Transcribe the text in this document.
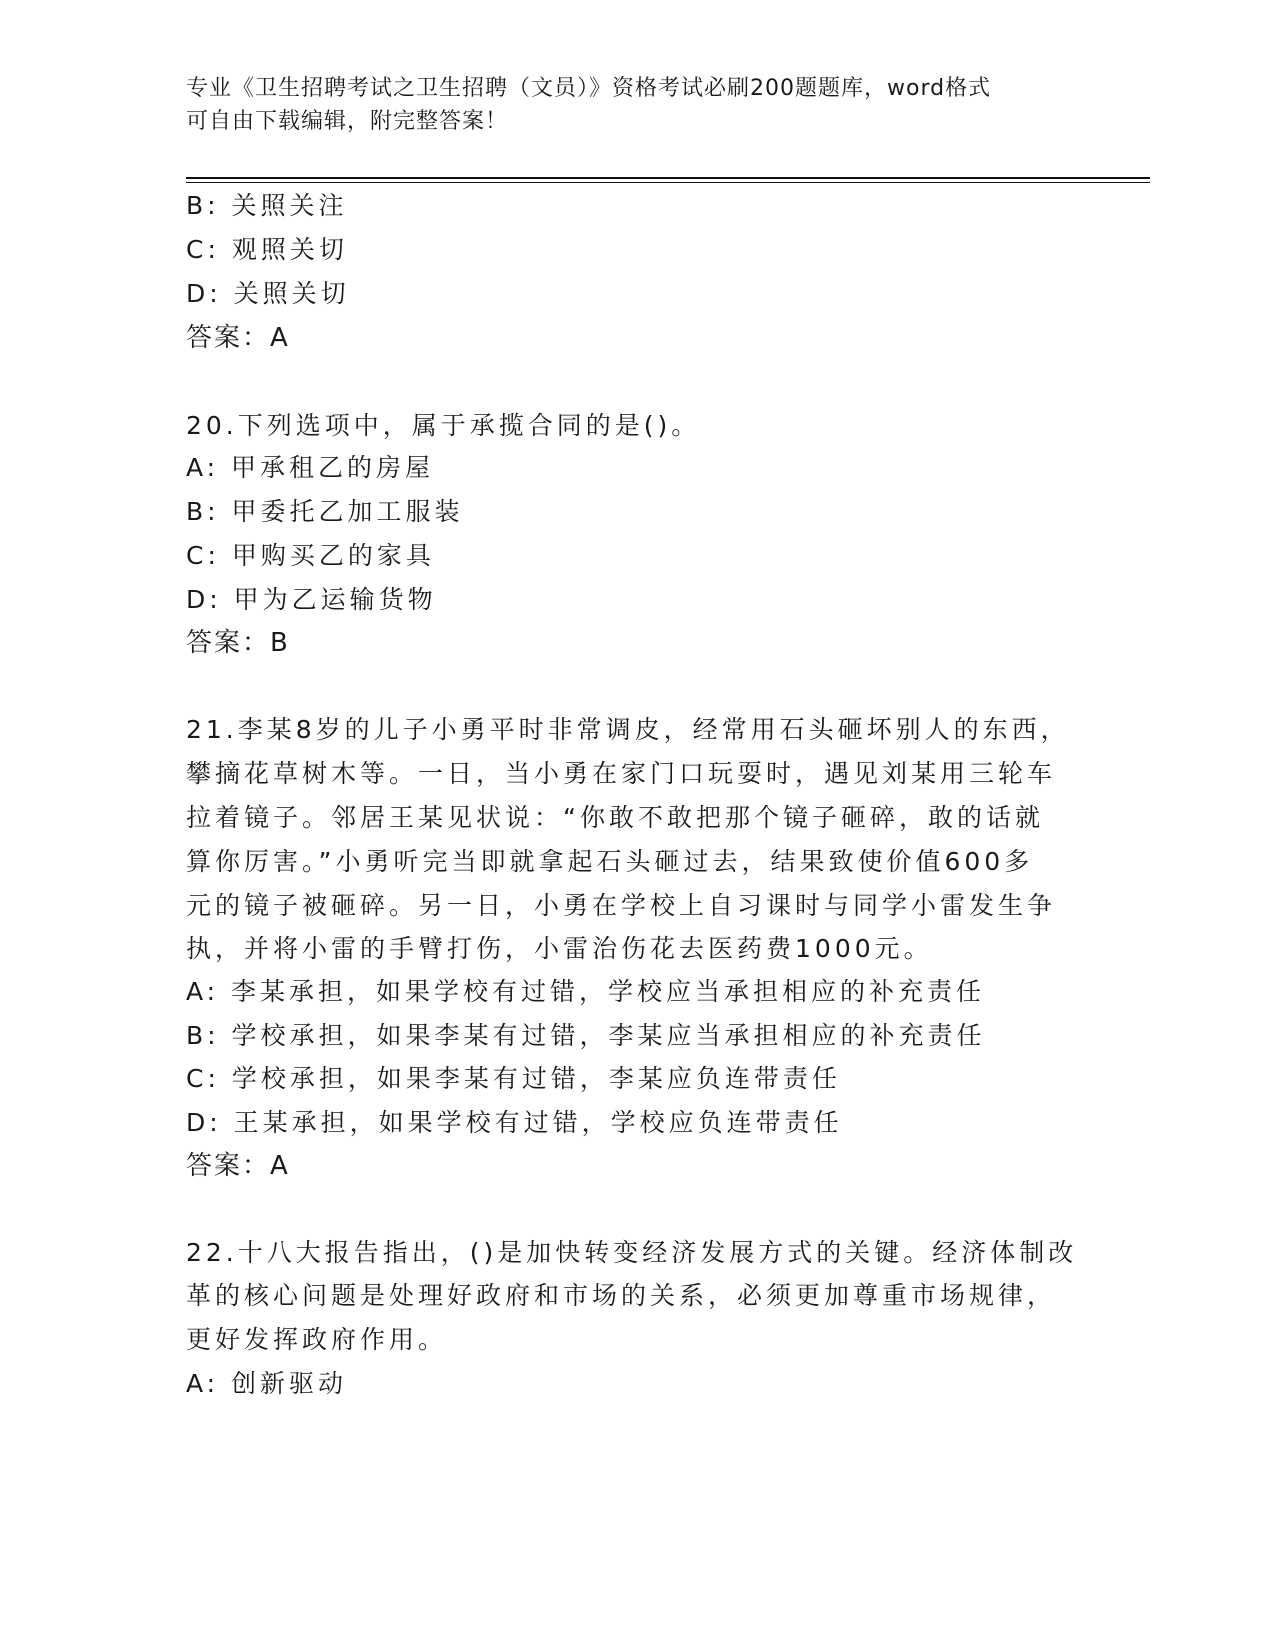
专业《卫生招聘考试之卫生招聘（文员）》资格考试必刷200题题库，word格式
可自由下载编辑，附完整答案！
B: 关照关注
C: 观照关切
D: 关照关切
答案：A
20.下列选项中，属于承揽合同的是()。
A: 甲承租乙的房屋
B: 甲委托乙加工服装
C: 甲购买乙的家具
D: 甲为乙运输货物
答案：B
21.李某8岁的儿子小勇平时非常调皮，经常用石头砸坏别人的东西，
攀摘花草树木等。一日，当小勇在家门口玩耍时，遇见刘某用三轮车
拉着镜子。邻居王某见状说：“你敢不敢把那个镜子砸碎，敢的话就
算你厉害。”小勇听完当即就拿起石头砸过去，结果致使价值600多
元的镜子被砸碎。另一日，小勇在学校上自习课时与同学小雷发生争
执，并将小雷的手臂打伤，小雷治伤花去医药费1000元。
A: 李某承担，如果学校有过错，学校应当承担相应的补充责任
B: 学校承担，如果李某有过错，李某应当承担相应的补充责任
C: 学校承担，如果李某有过错，李某应负连带责任
D: 王某承担，如果学校有过错，学校应负连带责任
答案：A
22.十八大报告指出，()是加快转变经济发展方式的关键。经济体制改
革的核心问题是处理好政府和市场的关系，必须更加尊重市场规律，
更好发挥政府作用。
A: 创新驱动
